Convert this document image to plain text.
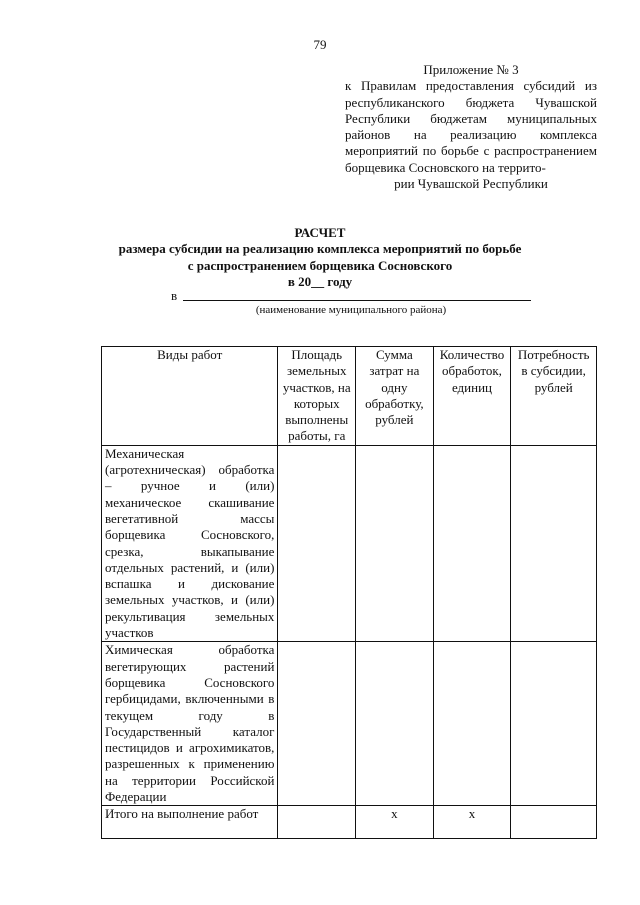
79
Приложение № 3
к Правилам предоставления субсидий из республиканского бюджета Чувашской Республики бюджетам муниципальных районов на реализацию комплекса мероприятий по борьбе с распространением борщевика Сосновского на террито-
рии Чувашской Республики
РАСЧЕТ
размера субсидии на реализацию комплекса мероприятий по борьбе
с распространением борщевика Сосновского
в 20__ году
в
(наименование муниципального района)
Виды работ	Площадь земельных участков, на которых выполнены работы, га	Сумма затрат на одну обработку, рублей	Количество обработок, единиц	Потребность в субсидии, рублей
Механическая (агротехническая) обработка – ручное и (или) механическое скашивание вегетативной массы борщевика Сосновского, срезка, выкапывание отдельных растений, и (или) вспашка и дискование земельных участков, и (или) рекультивация земельных участков				
Химическая обработка вегетирующих растений борщевика Сосновского гербицидами, включенными в текущем году в Государственный каталог пестицидов и агрохимикатов, разрешенных к применению на территории Российской Федерации				
Итого на выполнение работ		х	х	
